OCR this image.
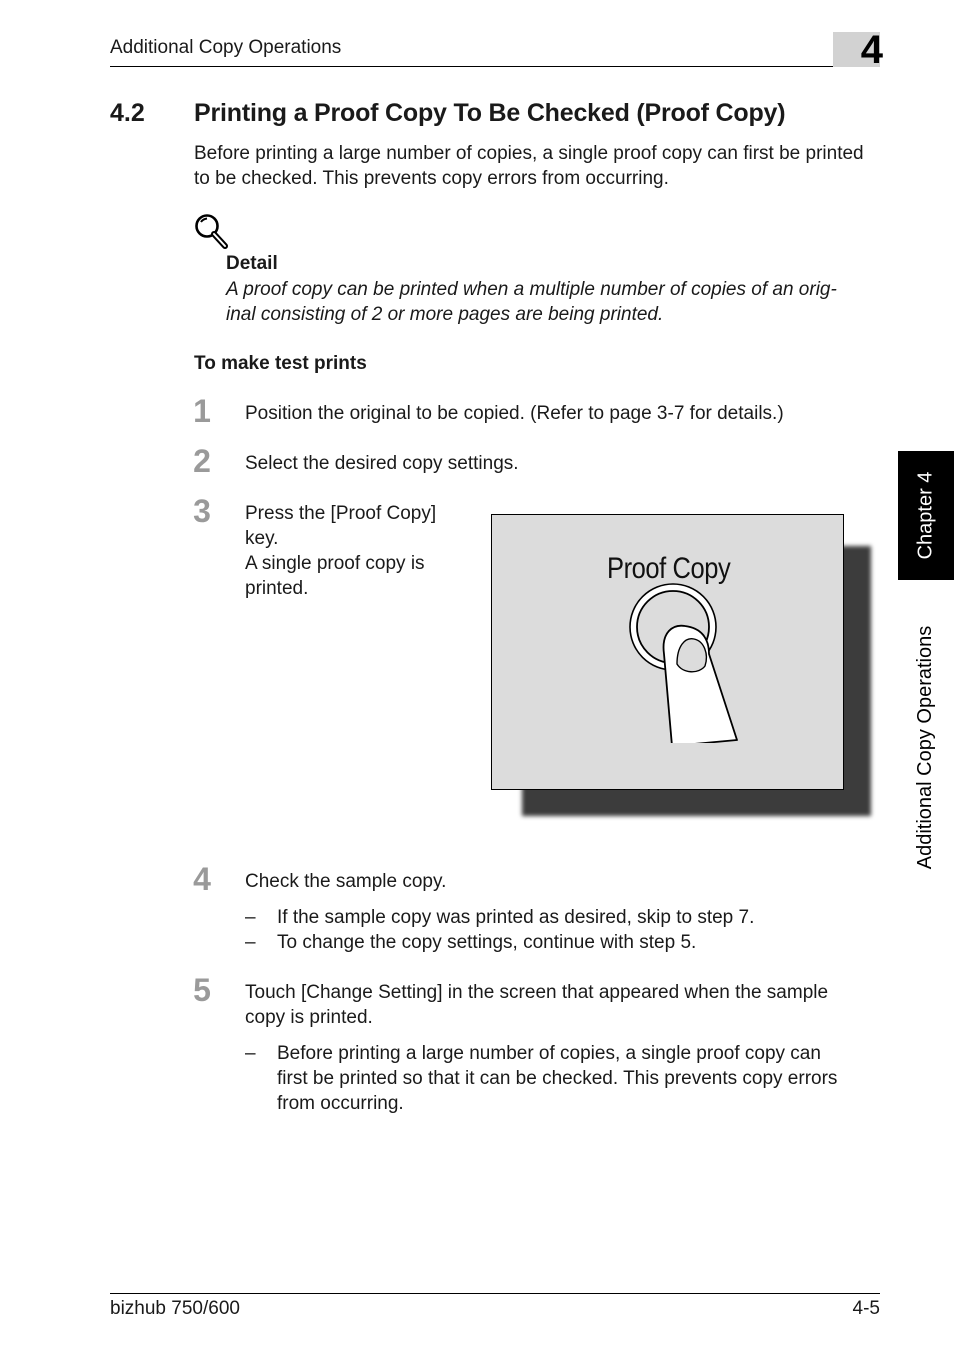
Additional Copy Operations	4
4.2 Printing a Proof Copy To Be Checked (Proof Copy)
Before printing a large number of copies, a single proof copy can first be printed to be checked. This prevents copy errors from occurring.
Detail
A proof copy can be printed when a multiple number of copies of an orig-
inal consisting of 2 or more pages are being printed.
To make test prints
1	Position the original to be copied. (Refer to page 3-7 for details.)
2	Select the desired copy settings.
3	Press the [Proof Copy]
key.
A single proof copy is
printed.
Proof Copy
4	Check the sample copy.
– If the sample copy was printed as desired, skip to step 7.
– To change the copy settings, continue with step 5.
5	Touch [Change Setting] in the screen that appeared when the sample
copy is printed.
– Before printing a large number of copies, a single proof copy can
first be printed so that it can be checked. This prevents copy errors
from occurring.
Chapter 4
Additional Copy Operations
bizhub 750/600	4-5
